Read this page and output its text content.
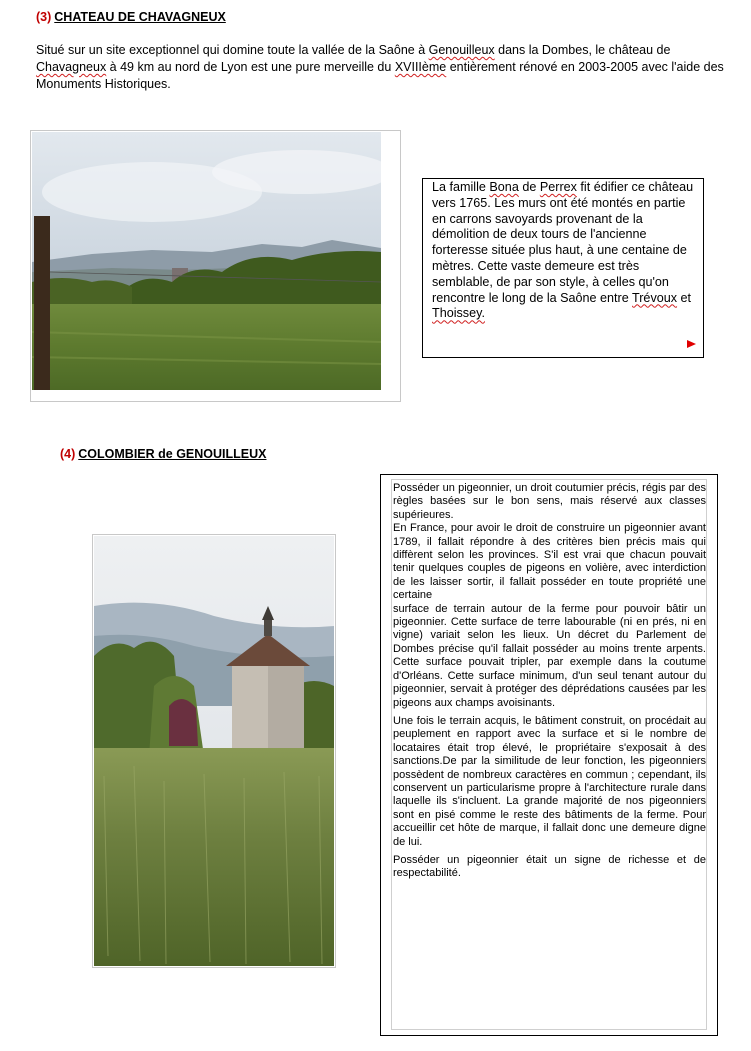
(3) CHATEAU DE CHAVAGNEUX
Situé sur un site exceptionnel qui domine toute la vallée de la Saône à Genouilleux dans la Dombes, le château de Chavagneux à 49 km au nord de Lyon est une pure merveille du XVIIIème entièrement rénové en 2003-2005 avec l'aide des Monuments Historiques.

La famille Bona de Perrex fit édifier ce château vers 1765. Les murs ont été montés en partie en carrons savoyards provenant de la démolition de deux tours de l'ancienne forteresse située plus haut, à une centaine de mètres. Cette vaste demeure est très semblable, de par son style, à celles qu'on rencontre le long de la Saône entre Trévoux et Thoissey.

(4) COLOMBIER de GENOUILLEUX

Posséder un pigeonnier, un droit coutumier précis, régis par des règles basées sur le bon sens, mais réservé aux classes supérieures.

En France, pour avoir le droit de construire un pigeonnier avant 1789, il fallait répondre à des critères bien précis mais qui diffèrent selon les provinces. S'il est vrai que chacun pouvait tenir quelques couples de pigeons en volière, avec interdiction de les laisser sortir, il fallait posséder en toute propriété une certaine

surface de terrain autour de la ferme pour pouvoir bâtir un pigeonnier. Cette surface de terre labourable (ni en prés, ni en vigne) variait selon les lieux. Un décret du Parlement de Dombes précise qu'il fallait posséder au moins trente arpents. Cette surface pouvait tripler, par exemple dans la coutume d'Orléans. Cette surface minimum, d'un seul tenant autour du pigeonnier, servait à protéger des déprédations causées par les pigeons aux champs avoisinants.

Une fois le terrain acquis, le bâtiment construit, on procédait au peuplement en rapport avec la surface et si le nombre de locataires était trop élevé, le propriétaire s'exposait à des sanctions.De par la similitude de leur fonction, les pigeonniers possèdent de nombreux caractères en commun ; cependant, ils conservent un particularisme propre à l'architecture rurale dans laquelle ils s'incluent. La grande majorité de nos pigeonniers sont en pisé comme le reste des bâtiments de la ferme. Pour accueillir cet hôte de marque, il fallait donc une demeure digne de lui.

Posséder un pigeonnier était un signe de richesse et de respectabilité.
